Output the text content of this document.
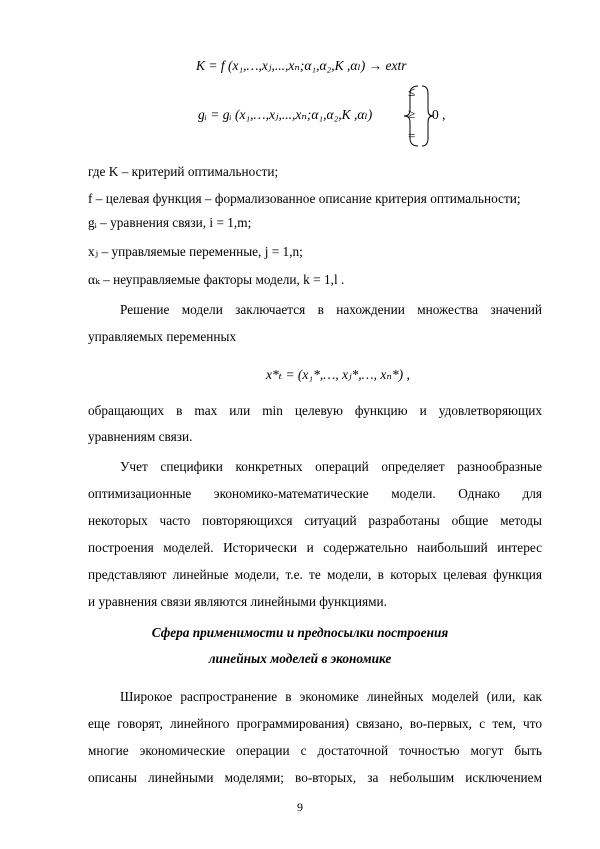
K = f (x₁,…,xⱼ,...,xₙ;α₁,α₂,K ,αₗ) → extr
gᵢ = gᵢ (x₁,…,xⱼ,...,xₙ;α₁,α₂,K ,αₗ)
≤
≥
=
0 ,
где K – критерий оптимальности;
f – целевая функция – формализованное описание критерия оптимальности;
gᵢ – уравнения связи, i = 1,m;
xⱼ – управляемые переменные, j = 1,n;
αₖ – неуправляемые факторы модели, k = 1,l .
Решение модели заключается в нахождении множества значений
управляемых переменных
x*ₜ = (x₁*,…, xⱼ*,…, xₙ*) ,
обращающих в max или min целевую функцию и удовлетворяющих
уравнениям связи.
Учет специфики конкретных операций определяет разнообразные
оптимизационные экономико-математические модели. Однако для
некоторых часто повторяющихся ситуаций разработаны общие методы
построения моделей. Исторически и содержательно наибольший интерес
представляют линейные модели, т.е. те модели, в которых целевая функция
и уравнения связи являются линейными функциями.
Сфера применимости и предпосылки построения
линейных моделей в экономике
Широкое распространение в экономике линейных моделей (или, как
еще говорят, линейного программирования) связано, во-первых, с тем, что
многие экономические операции с достаточной точностью могут быть
описаны линейными моделями; во-вторых, за небольшим исключением
9
